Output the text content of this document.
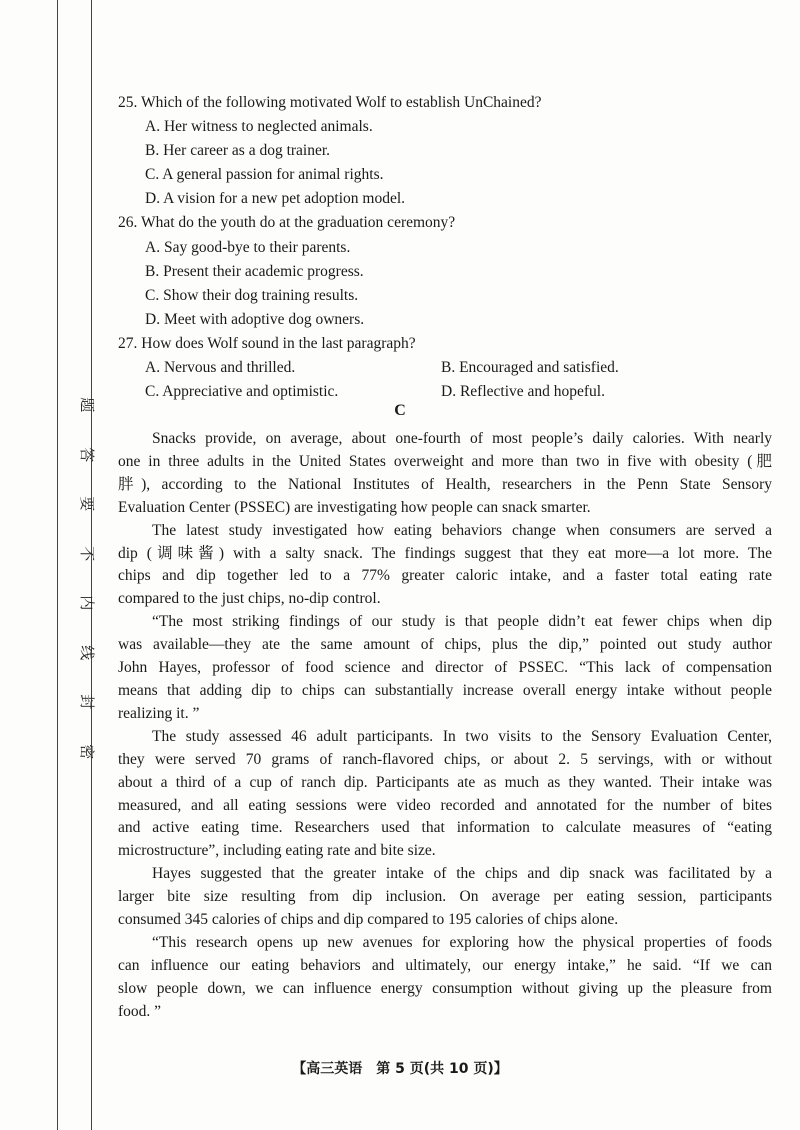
题
答
要
不
内
线
封
密
25. Which of the following motivated Wolf to establish UnChained?
A. Her witness to neglected animals.
B. Her career as a dog trainer.
C. A general passion for animal rights.
D. A vision for a new pet adoption model.
26. What do the youth do at the graduation ceremony?
A. Say good-bye to their parents.
B. Present their academic progress.
C. Show their dog training results.
D. Meet with adoptive dog owners.
27. How does Wolf sound in the last paragraph?
A. Nervous and thrilled.	B. Encouraged and satisfied.
C. Appreciative and optimistic.	D. Reflective and hopeful.
C
Snacks provide, on average, about one-fourth of most people’s daily calories. With nearly
one in three adults in the United States overweight and more than two in five with obesity (肥
胖), according to the National Institutes of Health, researchers in the Penn State Sensory
Evaluation Center (PSSEC) are investigating how people can snack smarter.
The latest study investigated how eating behaviors change when consumers are served a
dip (调味酱) with a salty snack. The findings suggest that they eat more—a lot more. The
chips and dip together led to a 77% greater caloric intake, and a faster total eating rate
compared to the just chips, no-dip control.
“The most striking findings of our study is that people didn’t eat fewer chips when dip
was available—they ate the same amount of chips, plus the dip,” pointed out study author
John Hayes, professor of food science and director of PSSEC. “This lack of compensation
means that adding dip to chips can substantially increase overall energy intake without people
realizing it. ”
The study assessed 46 adult participants. In two visits to the Sensory Evaluation Center,
they were served 70 grams of ranch-flavored chips, or about 2. 5 servings, with or without
about a third of a cup of ranch dip. Participants ate as much as they wanted. Their intake was
measured, and all eating sessions were video recorded and annotated for the number of bites
and active eating time. Researchers used that information to calculate measures of “eating
microstructure”, including eating rate and bite size.
Hayes suggested that the greater intake of the chips and dip snack was facilitated by a
larger bite size resulting from dip inclusion. On average per eating session, participants
consumed 345 calories of chips and dip compared to 195 calories of chips alone.
“This research opens up new avenues for exploring how the physical properties of foods
can influence our eating behaviors and ultimately, our energy intake,” he said. “If we can
slow people down, we can influence energy consumption without giving up the pleasure from
food. ”
【高三英语　第 5 页(共 10 页)】
